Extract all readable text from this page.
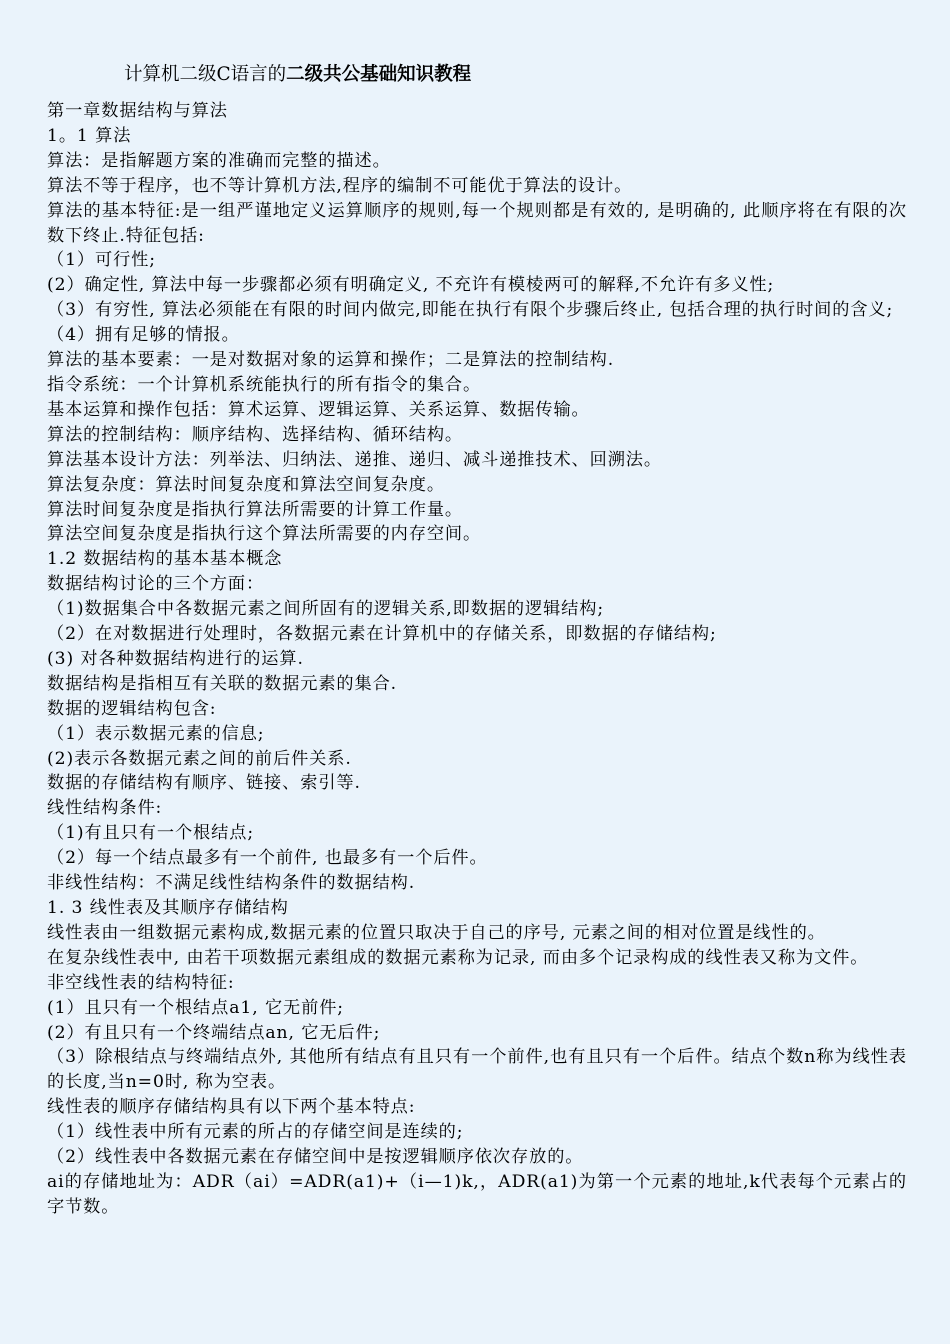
计算机二级C语言的二级共公基础知识教程

第一章数据结构与算法

1。1 算法

算法：是指解题方案的准确而完整的描述。

算法不等于程序，也不等计算机方法,程序的编制不可能优于算法的设计。

算法的基本特征:是一组严谨地定义运算顺序的规则,每一个规则都是有效的, 是明确的, 此顺序将在有限的次数下终止.特征包括:

（1）可行性;

(2）确定性, 算法中每一步骤都必须有明确定义, 不充许有模棱两可的解释,不允许有多义性;

（3）有穷性, 算法必须能在有限的时间内做完,即能在执行有限个步骤后终止, 包括合理的执行时间的含义;

（4）拥有足够的情报。

算法的基本要素：一是对数据对象的运算和操作；二是算法的控制结构.

指令系统：一个计算机系统能执行的所有指令的集合。

基本运算和操作包括：算术运算、逻辑运算、关系运算、数据传输。

算法的控制结构：顺序结构、选择结构、循环结构。

算法基本设计方法：列举法、归纳法、递推、递归、减斗递推技术、回溯法。

算法复杂度：算法时间复杂度和算法空间复杂度。

算法时间复杂度是指执行算法所需要的计算工作量。

算法空间复杂度是指执行这个算法所需要的内存空间。

1.2 数据结构的基本基本概念

数据结构讨论的三个方面：

（1)数据集合中各数据元素之间所固有的逻辑关系,即数据的逻辑结构;

（2）在对数据进行处理时，各数据元素在计算机中的存储关系，即数据的存储结构;

(3) 对各种数据结构进行的运算.

数据结构是指相互有关联的数据元素的集合.

数据的逻辑结构包含:

（1）表示数据元素的信息;

(2)表示各数据元素之间的前后件关系.

数据的存储结构有顺序、链接、索引等.

线性结构条件:

（1)有且只有一个根结点;

（2）每一个结点最多有一个前件, 也最多有一个后件。

非线性结构：不满足线性结构条件的数据结构.

1. 3 线性表及其顺序存储结构

线性表由一组数据元素构成,数据元素的位置只取决于自己的序号, 元素之间的相对位置是线性的。

在复杂线性表中, 由若干项数据元素组成的数据元素称为记录, 而由多个记录构成的线性表又称为文件。

非空线性表的结构特征:

(1）且只有一个根结点a1, 它无前件;

(2）有且只有一个终端结点an, 它无后件;

（3）除根结点与终端结点外, 其他所有结点有且只有一个前件,也有且只有一个后件。结点个数n称为线性表的长度,当n=0时, 称为空表。

线性表的顺序存储结构具有以下两个基本特点:

（1）线性表中所有元素的所占的存储空间是连续的;

（2）线性表中各数据元素在存储空间中是按逻辑顺序依次存放的。

ai的存储地址为：ADR（ai）=ADR(a1)+（i—1)k,，ADR(a1)为第一个元素的地址,k代表每个元素占的字节数。
